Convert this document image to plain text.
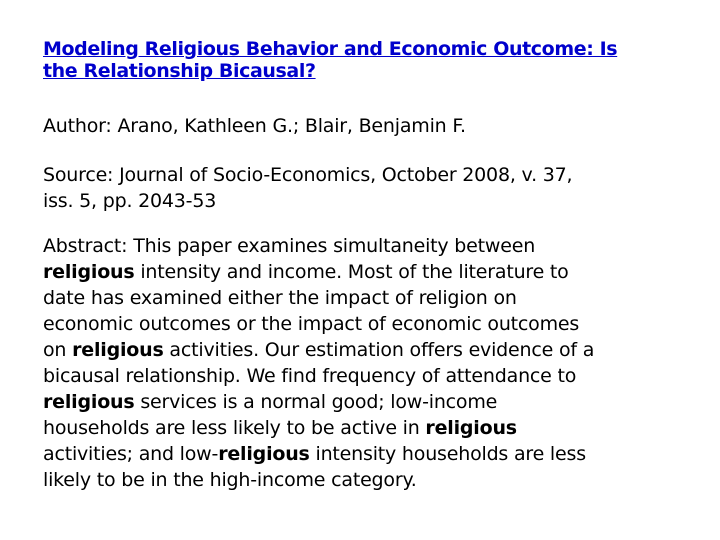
Modeling Religious Behavior and Economic Outcome: Is
the Relationship Bicausal?

Author: Arano, Kathleen G.; Blair, Benjamin F.

Source: Journal of Socio-Economics, October 2008, v. 37,
iss. 5, pp. 2043-53

Abstract: This paper examines simultaneity between
religious intensity and income. Most of the literature to
date has examined either the impact of religion on
economic outcomes or the impact of economic outcomes
on religious activities. Our estimation offers evidence of a
bicausal relationship. We find frequency of attendance to
religious services is a normal good; low-income
households are less likely to be active in religious
activities; and low-religious intensity households are less
likely to be in the high-income category.
